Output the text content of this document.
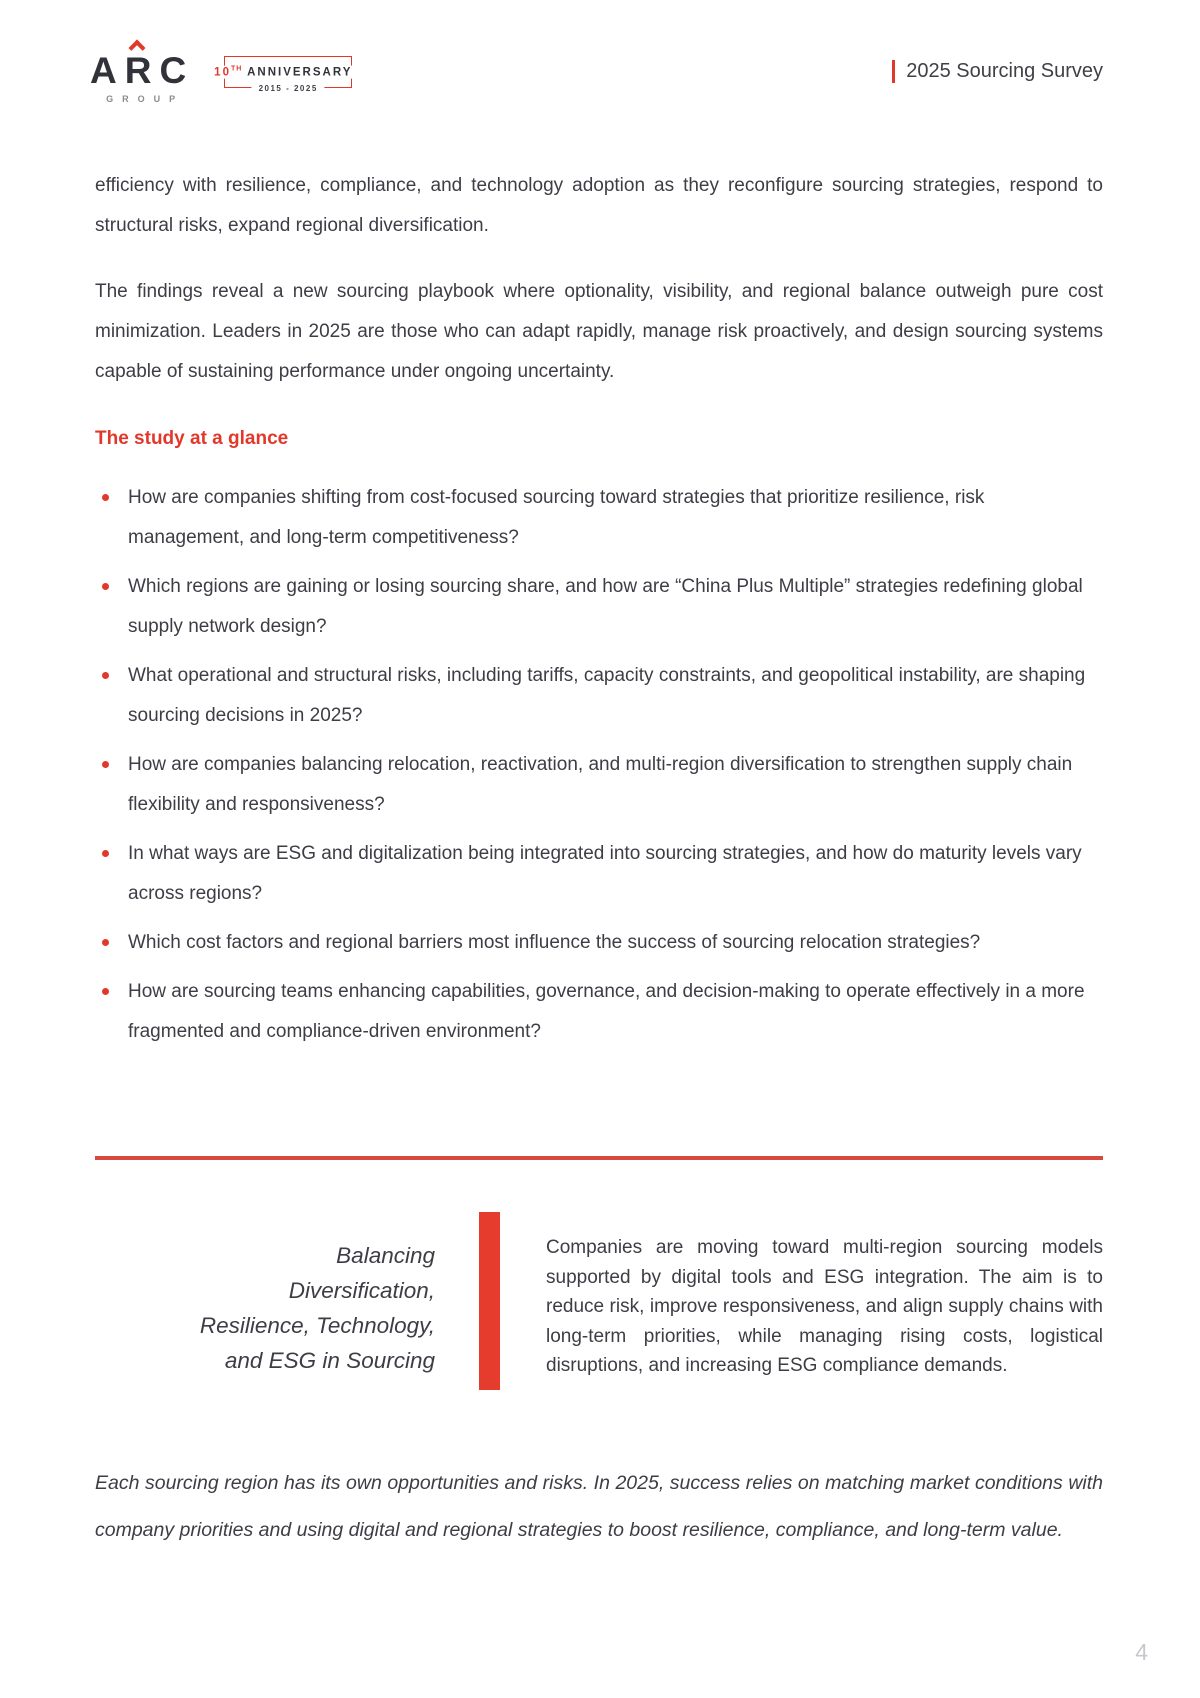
ARC
GROUP
10TH ANNIVERSARY
2015 - 2025
2025 Sourcing Survey

efficiency with resilience, compliance, and technology adoption as they reconfigure sourcing strategies, respond to structural risks, expand regional diversification.

The findings reveal a new sourcing playbook where optionality, visibility, and regional balance outweigh pure cost minimization. Leaders in 2025 are those who can adapt rapidly, manage risk proactively, and design sourcing systems capable of sustaining performance under ongoing uncertainty.

The study at a glance
How are companies shifting from cost-focused sourcing toward strategies that prioritize resilience, risk management, and long-term competitiveness?
Which regions are gaining or losing sourcing share, and how are “China Plus Multiple” strategies redefining global supply network design?
What operational and structural risks, including tariffs, capacity constraints, and geopolitical instability, are shaping sourcing decisions in 2025?
How are companies balancing relocation, reactivation, and multi-region diversification to strengthen supply chain flexibility and responsiveness?
In what ways are ESG and digitalization being integrated into sourcing strategies, and how do maturity levels vary across regions?
Which cost factors and regional barriers most influence the success of sourcing relocation strategies?
How are sourcing teams enhancing capabilities, governance, and decision-making to operate effectively in a more fragmented and compliance-driven environment?
Balancing
Diversification,
Resilience, Technology,
and ESG in Sourcing

Companies are moving toward multi-region sourcing models supported by digital tools and ESG integration. The aim is to reduce risk, improve responsiveness, and align supply chains with long-term priorities, while managing rising costs, logistical disruptions, and increasing ESG compliance demands.

Each sourcing region has its own opportunities and risks. In 2025, success relies on matching market conditions with company priorities and using digital and regional strategies to boost resilience, compliance, and long-term value.

4
